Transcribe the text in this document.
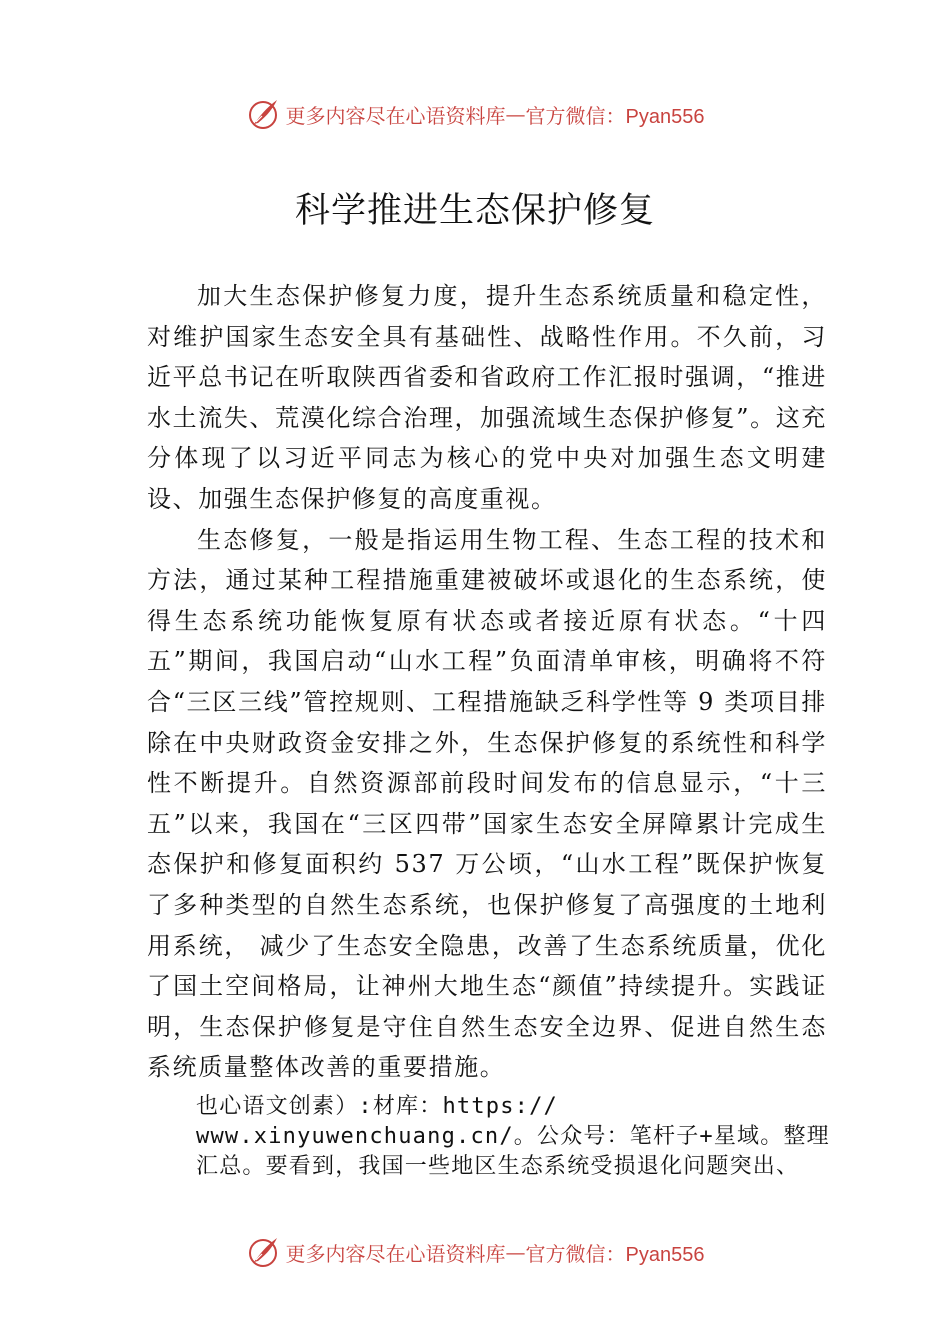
更多内容尽在心语资料库 — 官方微信：Pyan556
科学推进生态保护修复

加大生态保护修复力度，提升生态系统质量和稳定性，对维护国家生态安全具有基础性、战略性作用。不久前，习近平总书记在听取陕西省委和省政府工作汇报时强调，“推进水土流失、荒漠化综合治理，加强流域生态保护修复”。这充分体现了以习近平同志为核心的党中央对加强生态文明建设、加强生态保护修复的高度重视。

生态修复，一般是指运用生物工程、生态工程的技术和方法，通过某种工程措施重建被破坏或退化的生态系统，使得生态系统功能恢复原有状态或者接近原有状态。“十四五”期间，我国启动“山水工程”负面清单审核，明确将不符合“三区三线”管控规则、工程措施缺乏科学性等 9 类项目排除在中央财政资金安排之外，生态保护修复的系统性和科学性不断提升。自然资源部前段时间发布的信息显示，“十三五”以来，我国在“三区四带”国家生态安全屏障累计完成生态保护和修复面积约 537 万公顷，“山水工程”既保护恢复了多种类型的自然生态系统，也保护修复了高强度的土地利用系统， 减少了生态安全隐患，改善了生态系统质量，优化了国土空间格局，让神州大地生态“颜值”持续提升。实践证明，生态保护修复是守住自然生态安全边界、促进自然生态系统质量整体改善的重要措施。

也心语文创素）:材库：https://
www.xinyuwenchuang.cn/。公众号：笔杆子+星域。整理
汇总。要看到，我国一些地区生态系统受损退化问题突出、
更多内容尽在心语资料库 — 官方微信：Pyan556
